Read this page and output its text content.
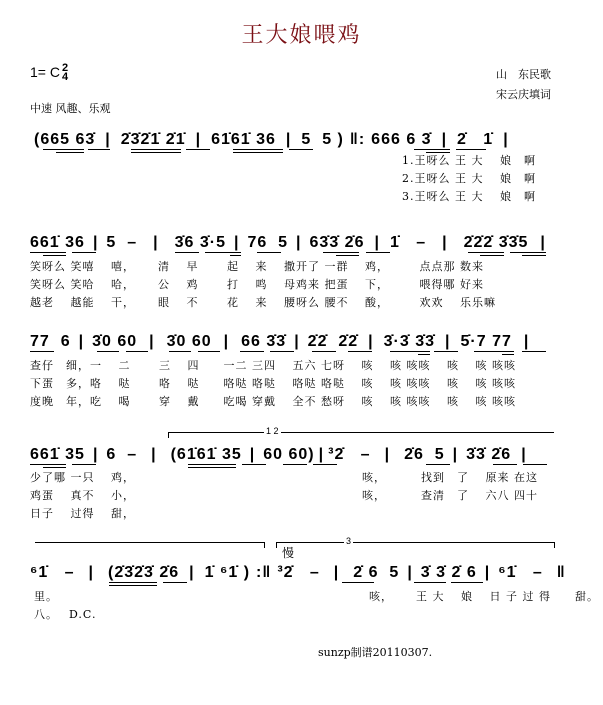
王大娘喂鸡
1= C 2
4	山　东民歌
宋云庆填词
中速 风趣、乐观
(665 63̇ | 2̇3̇2̇1̇ 2̇1̇ | 61̇61̇ 36 | 5  5 ) ‖: 666 6 3̇ | 2̇   1̇ |
1.王呀么 王 大　 娘　啊
2.王呀么 王 大　 娘　啊
3.王呀么 王 大　 娘　啊
661̇ 36 | 5  – | 3̇6 3̇·5 | 76  5 | 63̇3̇ 2̇6 | 1̇   – | 2̇2̇2̇ 3̇3̇5 |
笑呀么 笑嘻　 嘻，　　 清　 早　　 起　 来　 撒开了 一群　 鸡，　　　点点那 数来
笑呀么 笑哈　 哈，　　 公　 鸡　　 打　 鸣　 母鸡来 把蛋　 下，　　　喂得哪 好来
越老　 越能　 干，　　 眼　 不　　 花　 来　 腰呀么 腰不　 酸，　　　欢欢　 乐乐嘛
77  6 | 3̇0 60 | 3̇0 60 | 66 3̇3̇ | 2̇2̇  2̇2̇ | 3̇·3̇ 3̇3̇ | 5̇·7 77 |
查仔　细，一　 二　　 三　 四　　一二 三四　 五六 七呀　 咳　 咳 咳咳　 咳　 咳 咳咳
下蛋　多，咯　 哒　　 咯　 哒　　咯哒 咯哒　 咯哒 咯哒　 咳　 咳 咳咳　 咳　 咳 咳咳
度晚　年，吃　 喝　　 穿　 戴　　吃喝 穿戴　 全不 愁呀　 咳　 咳 咳咳　 咳　 咳 咳咳
1 2
661̇ 35 | 6  – | (61̇61̇ 35 | 60 60) | ³2̇   – | 2̇6  5 | 3̇3̇ 2̇6 |
少了哪 一只　 鸡，　　　　　　　　　　　　　　　　　　　 咳，　　　 找到　了　 原来 在这
鸡蛋　 真不　 小，　　　　　　　　　　　　　　　　　　　 咳，　　　 查清　了　 六八 四十
日子　 过得　 甜，
3
慢
⁶1̇   – | (2̇3̇2̇3̇ 2̇6 | 1̇ ⁶1̇ ) :‖ ³2̇   – | 2̇ 6  5 | 3̇ 3̇ 2̇ 6 | ⁶1̇   – ‖
里。　　　　　　　　　　　　　　　　　　　　　　　　　　 咳，　　 王 大　 娘　 日 子 过 得　　甜。
八。　 D.C.
sunzp制谱20110307.
